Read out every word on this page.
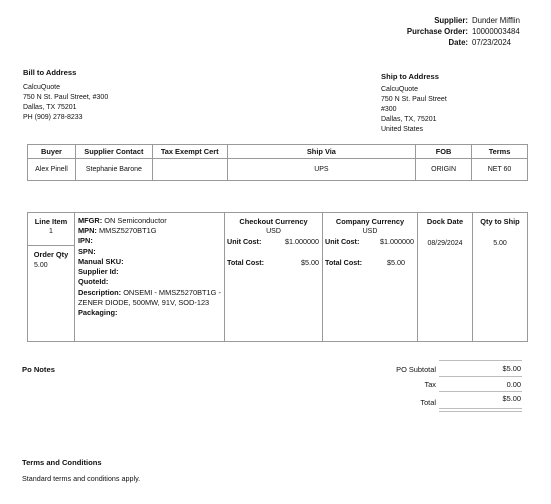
Supplier: Dunder Mifflin
Purchase Order: 10000003484
Date: 07/23/2024
Bill to Address
CalcuQuote
750 N St. Paul Street, #300
Dallas, TX 75201
PH (909) 278-8233
Ship to Address
CalcuQuote
750 N St. Paul Street
#300
Dallas, TX, 75201
United States
Buyer	Supplier Contact	Tax Exempt Cert	Ship Via	FOB	Terms
Alex Pinell	Stephanie Barone		UPS	ORIGIN	NET 60
Line Item
1
Order Qty
5.00
MFGR: ON Semiconductor
MPN: MMSZ5270BT1G
IPN:
SPN:
Manual SKU:
Supplier Id:
QuoteId:
Description: ONSEMI - MMSZ5270BT1G - ZENER DIODE, 500MW, 91V, SOD-123
Packaging:
Checkout Currency
USD
Unit Cost:	$1.000000
Total Cost:	$5.00
Company Currency
USD
Unit Cost:	$1.000000
Total Cost:	$5.00
Dock Date
08/29/2024
Qty to Ship
5.00
Po Notes	PO Subtotal	$5.00
Tax	0.00
Total	$5.00
Terms and Conditions
Standard terms and conditions apply.
